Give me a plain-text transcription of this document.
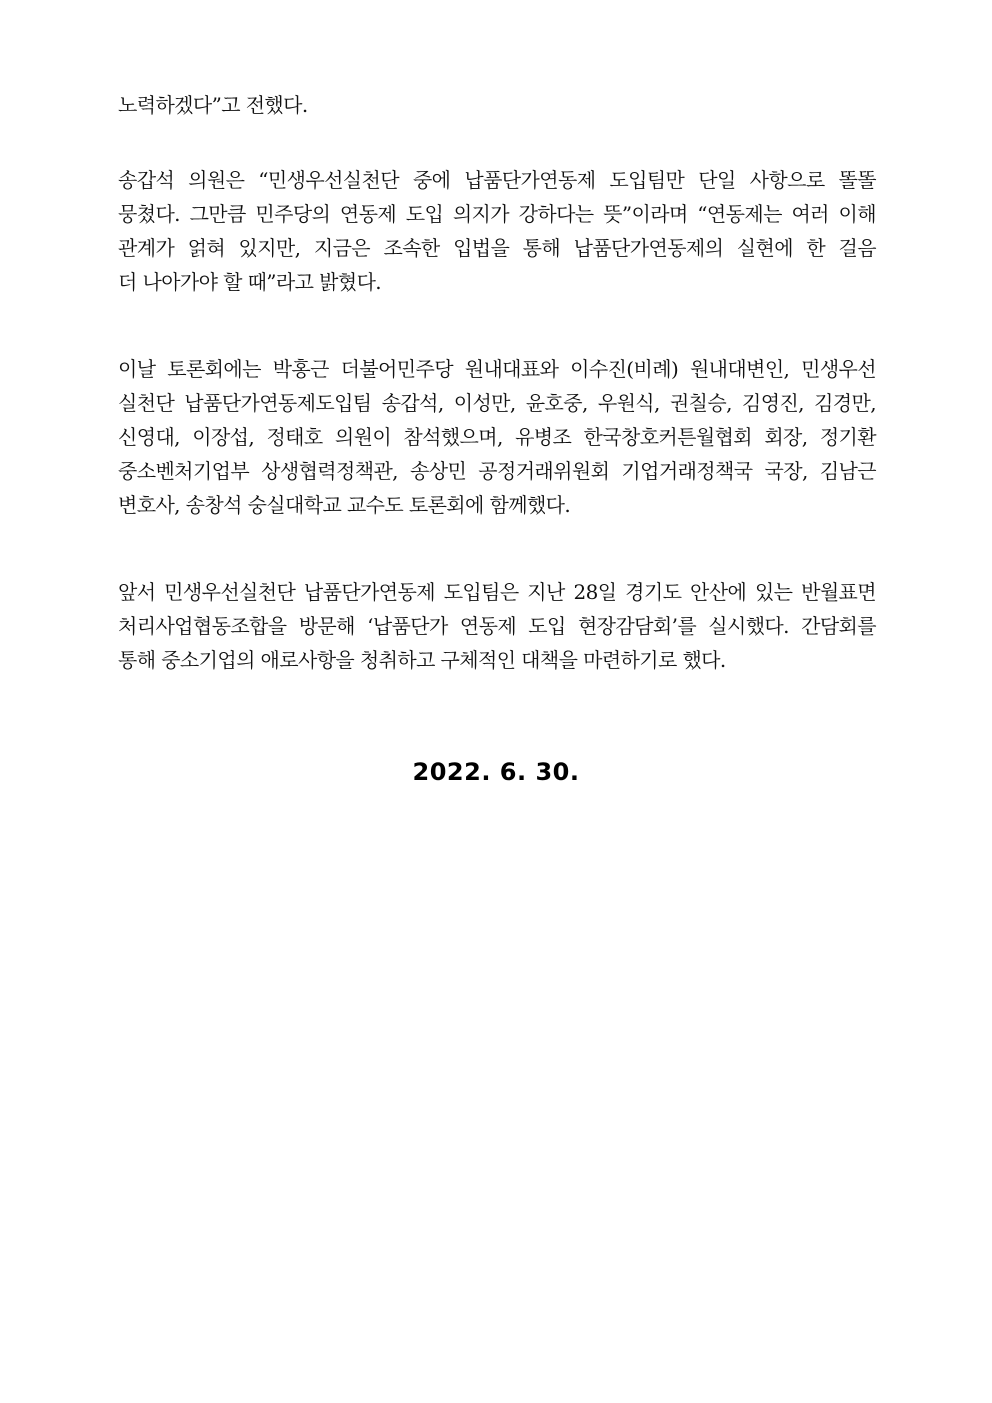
노력하겠다”고 전했다.
송갑석 의원은 “민생우선실천단 중에 납품단가연동제 도입팀만 단일 사항으로 똘똘
뭉쳤다. 그만큼 민주당의 연동제 도입 의지가 강하다는 뜻”이라며 “연동제는 여러 이해
관계가 얽혀 있지만, 지금은 조속한 입법을 통해 납품단가연동제의 실현에 한 걸음
더 나아가야 할 때”라고 밝혔다.
이날 토론회에는 박홍근 더불어민주당 원내대표와 이수진(비례) 원내대변인, 민생우선
실천단 납품단가연동제도입팀 송갑석, 이성만, 윤호중, 우원식, 권칠승, 김영진, 김경만,
신영대, 이장섭, 정태호 의원이 참석했으며, 유병조 한국창호커튼월협회 회장, 정기환
중소벤처기업부 상생협력정책관, 송상민 공정거래위원회 기업거래정책국 국장, 김남근
변호사, 송창석 숭실대학교 교수도 토론회에 함께했다.
앞서 민생우선실천단 납품단가연동제 도입팀은 지난 28일 경기도 안산에 있는 반월표면
처리사업협동조합을 방문해 ‘납품단가 연동제 도입 현장감담회’를 실시했다. 간담회를
통해 중소기업의 애로사항을 청취하고 구체적인 대책을 마련하기로 했다.
2022. 6. 30.
